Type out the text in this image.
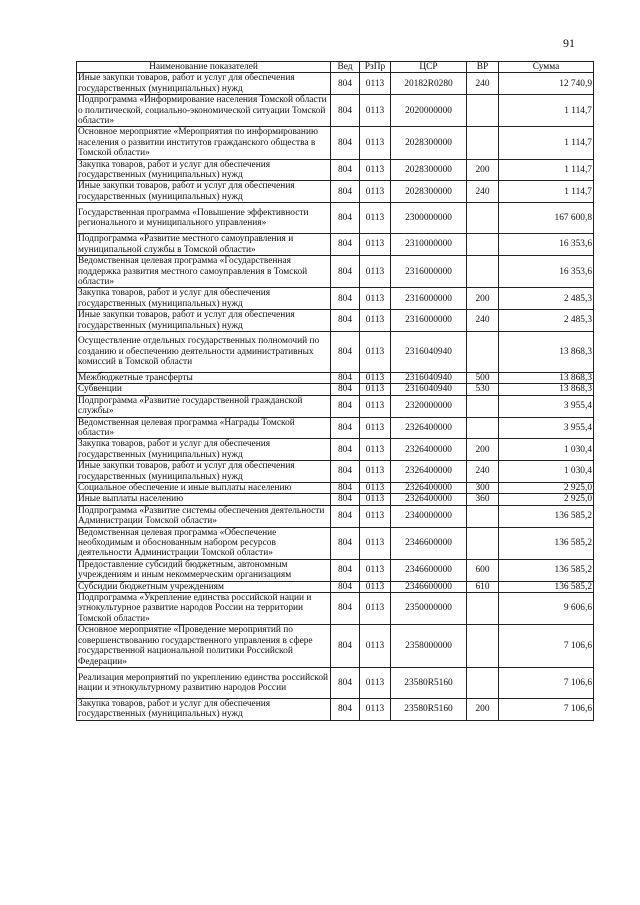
91
Наименование показателей	Вед	РзПр	ЦСР	ВР	Сумма
Иные закупки товаров, работ и услуг для обеспечения государственных (муниципальных) нужд	804	0113	20182R0280	240	12 740,9
Подпрограмма «Информирование населения Томской области о политической, социально-экономической ситуации Томской области»	804	0113	2020000000		1 114,7
Основное мероприятие «Мероприятия по информированию населения о развитии институтов гражданского общества в Томской области»	804	0113	2028300000		1 114,7
Закупка товаров, работ и услуг для обеспечения государственных (муниципальных) нужд	804	0113	2028300000	200	1 114,7
Иные закупки товаров, работ и услуг для обеспечения государственных (муниципальных) нужд	804	0113	2028300000	240	1 114,7
Государственная программа «Повышение эффективности регионального и муниципального управления»	804	0113	2300000000		167 600,8
Подпрограмма «Развитие местного самоуправления и муниципальной службы в Томской области»	804	0113	2310000000		16 353,6
Ведомственная целевая программа «Государственная поддержка развития местного самоуправления в Томской области»	804	0113	2316000000		16 353,6
Закупка товаров, работ и услуг для обеспечения государственных (муниципальных) нужд	804	0113	2316000000	200	2 485,3
Иные закупки товаров, работ и услуг для обеспечения государственных (муниципальных) нужд	804	0113	2316000000	240	2 485,3
Осуществление отдельных государственных полномочий по созданию и обеспечению деятельности административных комиссий в Томской области	804	0113	2316040940		13 868,3
Межбюджетные трансферты	804	0113	2316040940	500	13 868,3
Субвенции	804	0113	2316040940	530	13 868,3
Подпрограмма «Развитие государственной гражданской службы»	804	0113	2320000000		3 955,4
Ведомственная целевая программа «Награды Томской области»	804	0113	2326400000		3 955,4
Закупка товаров, работ и услуг для обеспечения государственных (муниципальных) нужд	804	0113	2326400000	200	1 030,4
Иные закупки товаров, работ и услуг для обеспечения государственных (муниципальных) нужд	804	0113	2326400000	240	1 030,4
Социальное обеспечение и иные выплаты населению	804	0113	2326400000	300	2 925,0
Иные выплаты населению	804	0113	2326400000	360	2 925,0
Подпрограмма «Развитие системы обеспечения деятельности Администрации Томской области»	804	0113	2340000000		136 585,2
Ведомственная целевая программа «Обеспечение необходимым и обоснованным набором ресурсов деятельности Администрации Томской области»	804	0113	2346600000		136 585,2
Предоставление субсидий бюджетным, автономным учреждениям и иным некоммерческим организациям	804	0113	2346600000	600	136 585,2
Субсидии бюджетным учреждениям	804	0113	2346600000	610	136 585,2
Подпрограмма «Укрепление единства российской нации и этнокультурное развитие народов России на территории Томской области»	804	0113	2350000000		9 606,6
Основное мероприятие «Проведение мероприятий по совершенствованию государственного управления в сфере государственной национальной политики Российской Федерации»	804	0113	2358000000		7 106,6
Реализация мероприятий по укреплению единства российской нации и этнокультурному развитию народов России	804	0113	23580R5160		7 106,6
Закупка товаров, работ и услуг для обеспечения государственных (муниципальных) нужд	804	0113	23580R5160	200	7 106,6
